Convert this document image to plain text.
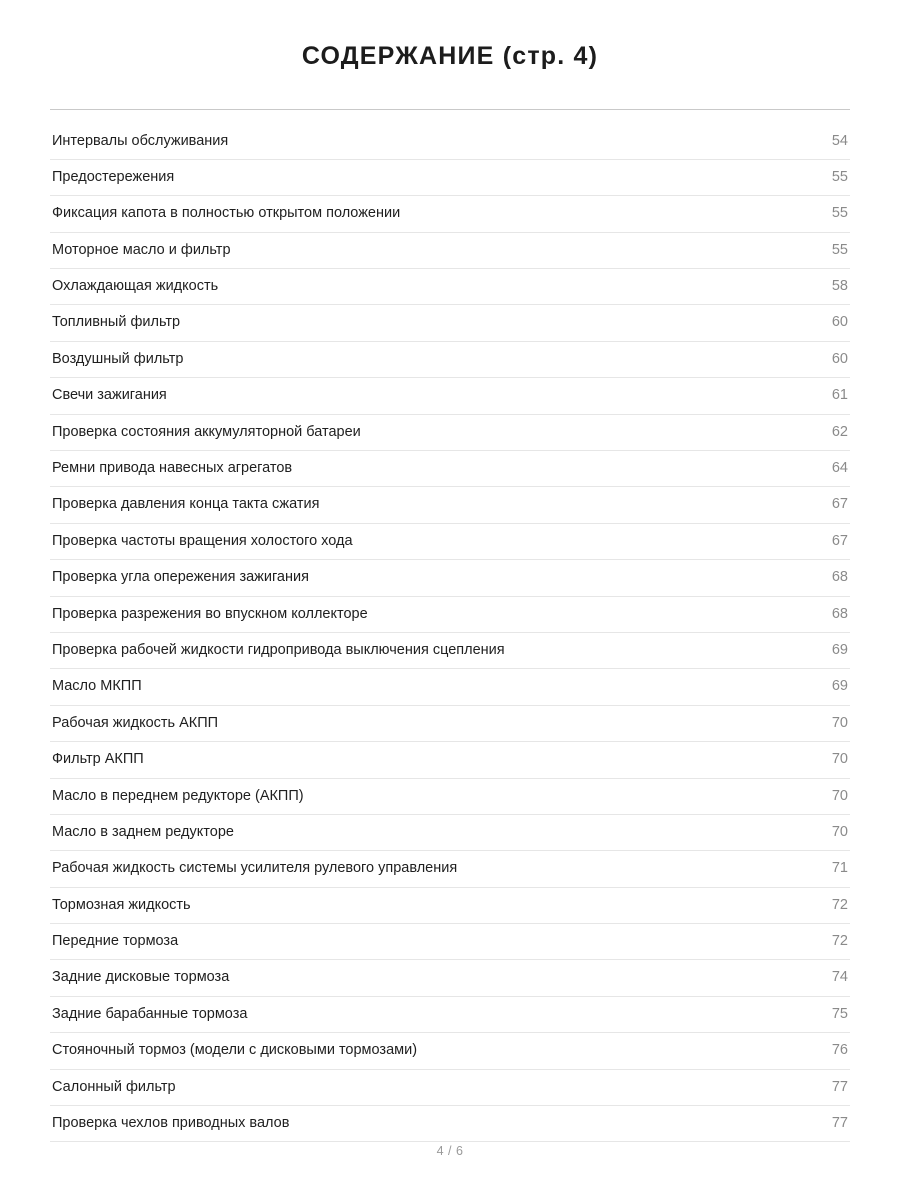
СОДЕРЖАНИЕ (стр. 4)
Интервалы обслуживания	54
Предостережения	55
Фиксация капота в полностью открытом положении	55
Моторное масло и фильтр	55
Охлаждающая жидкость	58
Топливный фильтр	60
Воздушный фильтр	60
Свечи зажигания	61
Проверка состояния аккумуляторной батареи	62
Ремни привода навесных агрегатов	64
Проверка давления конца такта сжатия	67
Проверка частоты вращения холостого хода	67
Проверка угла опережения зажигания	68
Проверка разрежения во впускном коллекторе	68
Проверка рабочей жидкости гидропривода выключения сцепления	69
Масло МКПП	69
Рабочая жидкость АКПП	70
Фильтр АКПП	70
Масло в переднем редукторе (АКПП)	70
Масло в заднем редукторе	70
Рабочая жидкость системы усилителя рулевого управления	71
Тормозная жидкость	72
Передние тормоза	72
Задние дисковые тормоза	74
Задние барабанные тормоза	75
Стояночный тормоз (модели с дисковыми тормозами)	76
Салонный фильтр	77
Проверка чехлов приводных валов	77
4 / 6
